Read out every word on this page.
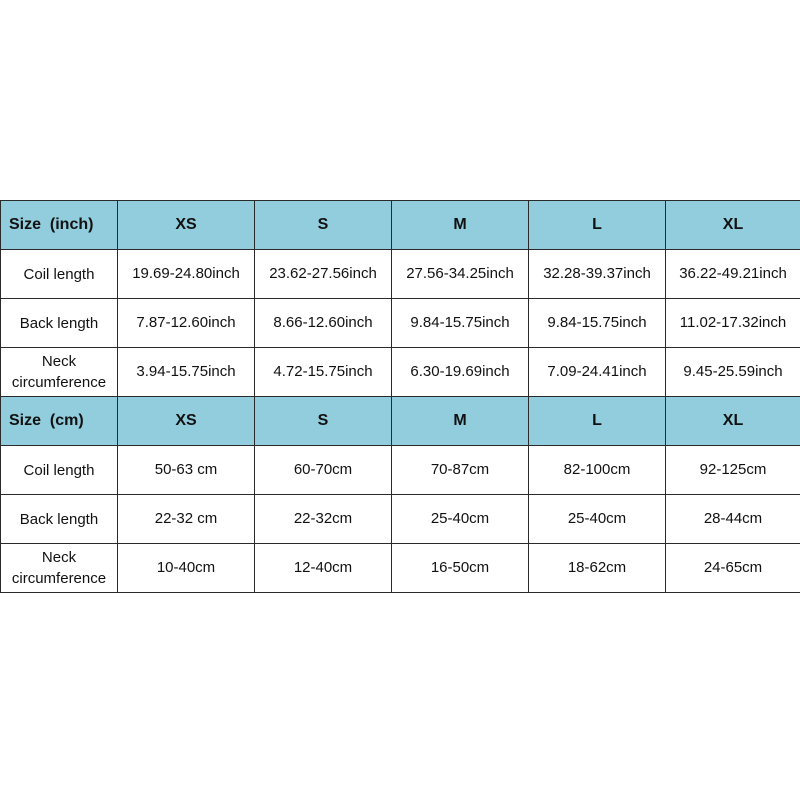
Size  (inch)	XS	S	M	L	XL
Coil length	19.69-24.80inch	23.62-27.56inch	27.56-34.25inch	32.28-39.37inch	36.22-49.21inch
Back length	7.87-12.60inch	8.66-12.60inch	9.84-15.75inch	9.84-15.75inch	11.02-17.32inch
Neck circumference	3.94-15.75inch	4.72-15.75inch	6.30-19.69inch	7.09-24.41inch	9.45-25.59inch
Size  (cm)	XS	S	M	L	XL
Coil length	50-63 cm	60-70cm	70-87cm	82-100cm	92-125cm
Back length	22-32 cm	22-32cm	25-40cm	25-40cm	28-44cm
Neck circumference	10-40cm	12-40cm	16-50cm	18-62cm	24-65cm
